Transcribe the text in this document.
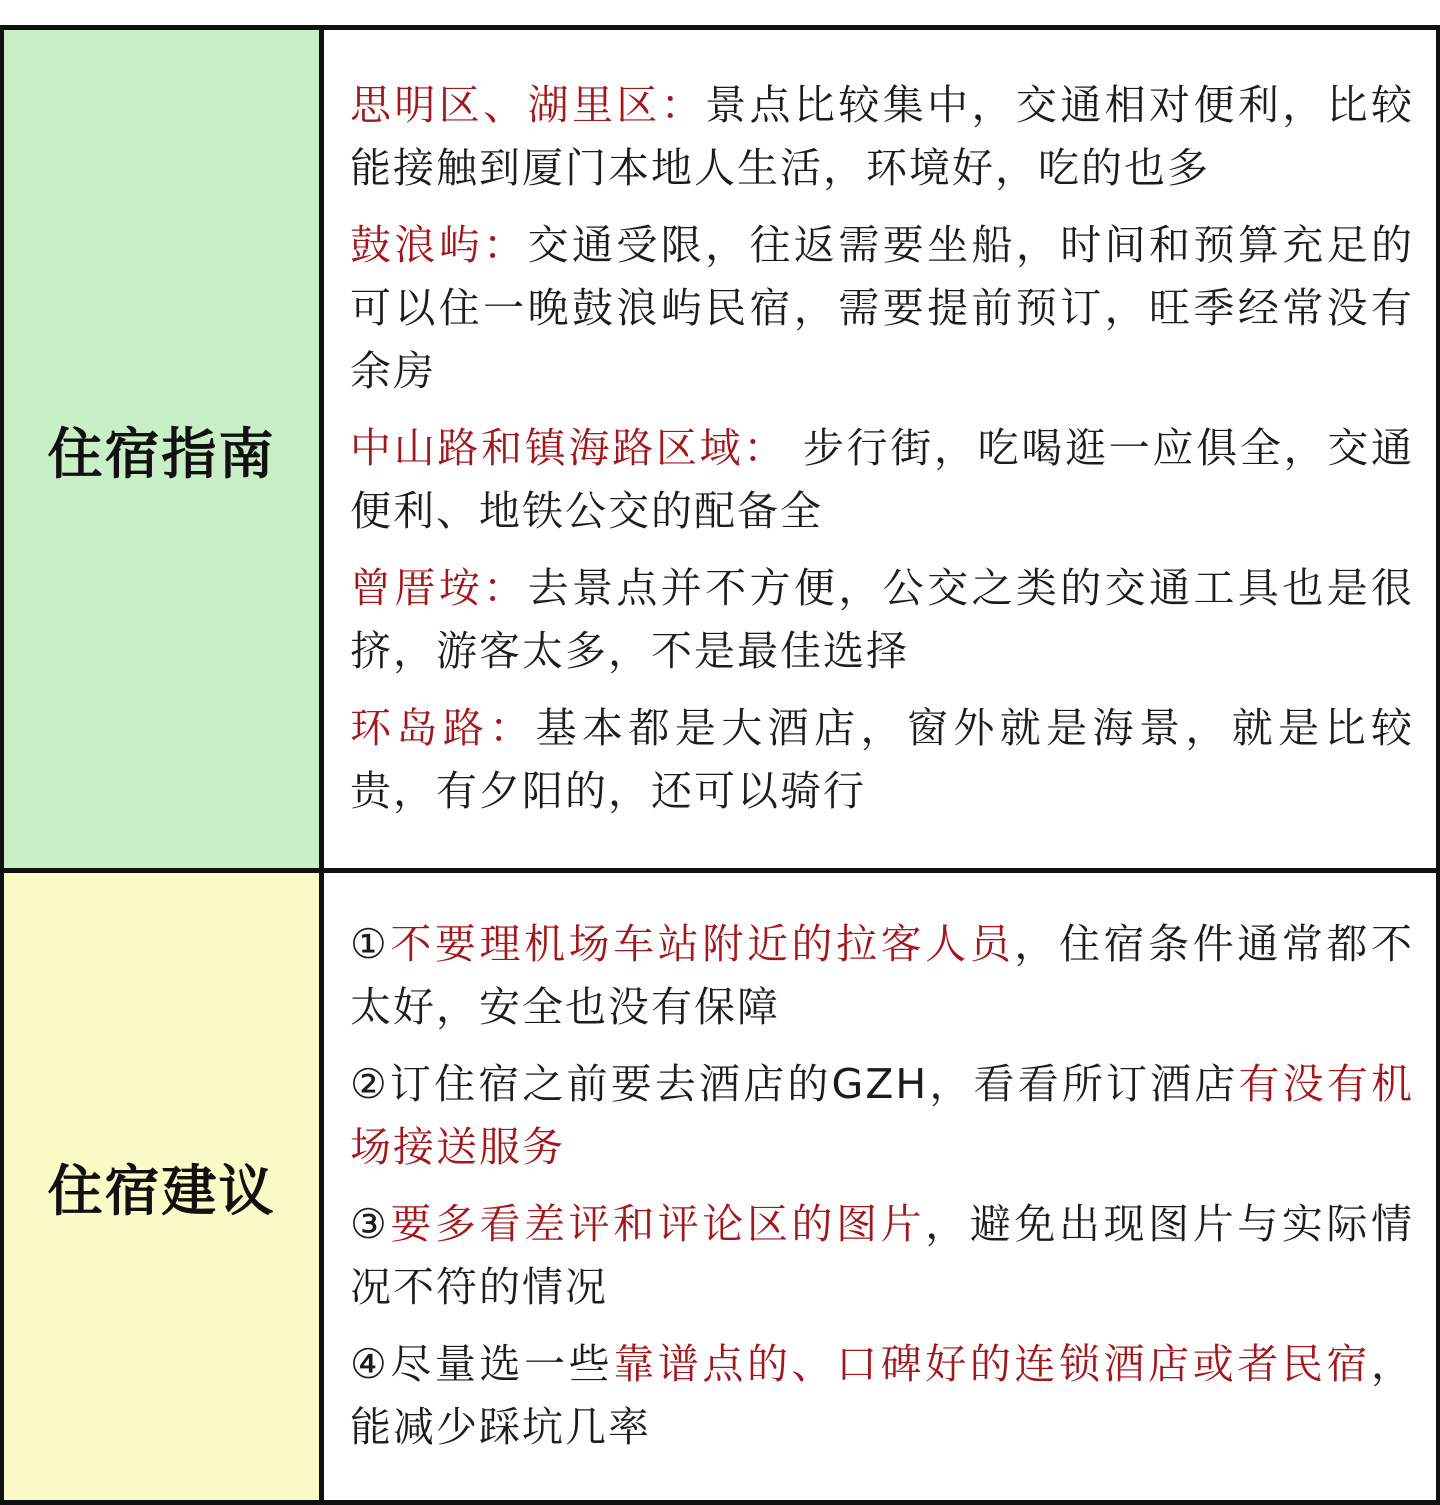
住宿指南

思明区、湖里区：景点比较集中，交通相对便利，比较能接触到厦门本地人生活，环境好，吃的也多

鼓浪屿：交通受限，往返需要坐船，时间和预算充足的可以住一晚鼓浪屿民宿，需要提前预订，旺季经常没有余房

中山路和镇海路区域： 步行街，吃喝逛一应俱全，交通便利、地铁公交的配备全

曾厝垵：去景点并不方便，公交之类的交通工具也是很挤，游客太多，不是最佳选择

环岛路：基本都是大酒店，窗外就是海景，就是比较贵，有夕阳的，还可以骑行

住宿建议

①不要理机场车站附近的拉客人员，住宿条件通常都不太好，安全也没有保障

②订住宿之前要去酒店的GZH，看看所订酒店有没有机场接送服务

③要多看差评和评论区的图片，避免出现图片与实际情况不符的情况

④尽量选一些靠谱点的、口碑好的连锁酒店或者民宿，能减少踩坑几率
